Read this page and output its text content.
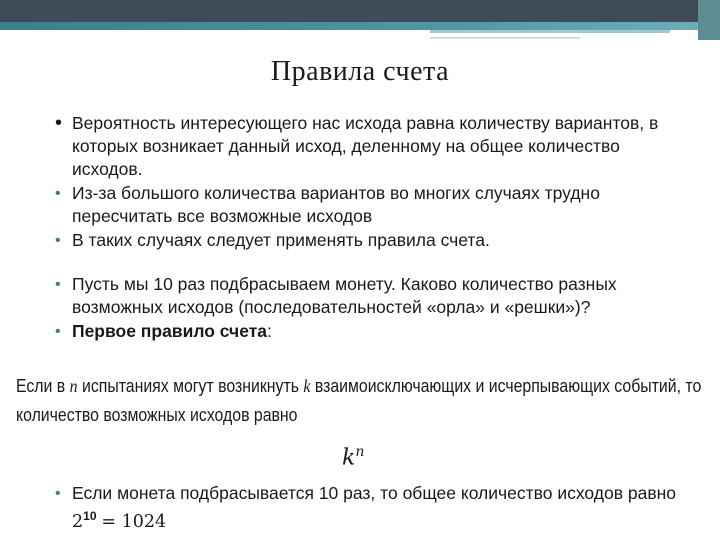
Правила счета
• Вероятность интересующего нас исхода равна количеству вариантов, в которых возникает данный исход, деленному на общее количество исходов.
• Из-за большого количества вариантов во многих случаях трудно пересчитать все возможные исходов
• В таких случаях следует применять правила счета.
• Пусть мы 10 раз подбрасываем монету. Каково количество разных возможных исходов (последовательностей «орла» и «решки»)?
• Первое правило счета:
Если в n испытаниях могут возникнуть k взаимоисключающих и исчерпывающих событий, то количество возможных исходов равно
$k^n$
• Если монета подбрасывается 10 раз, то общее количество исходов равно $2^{10} = 1024$
